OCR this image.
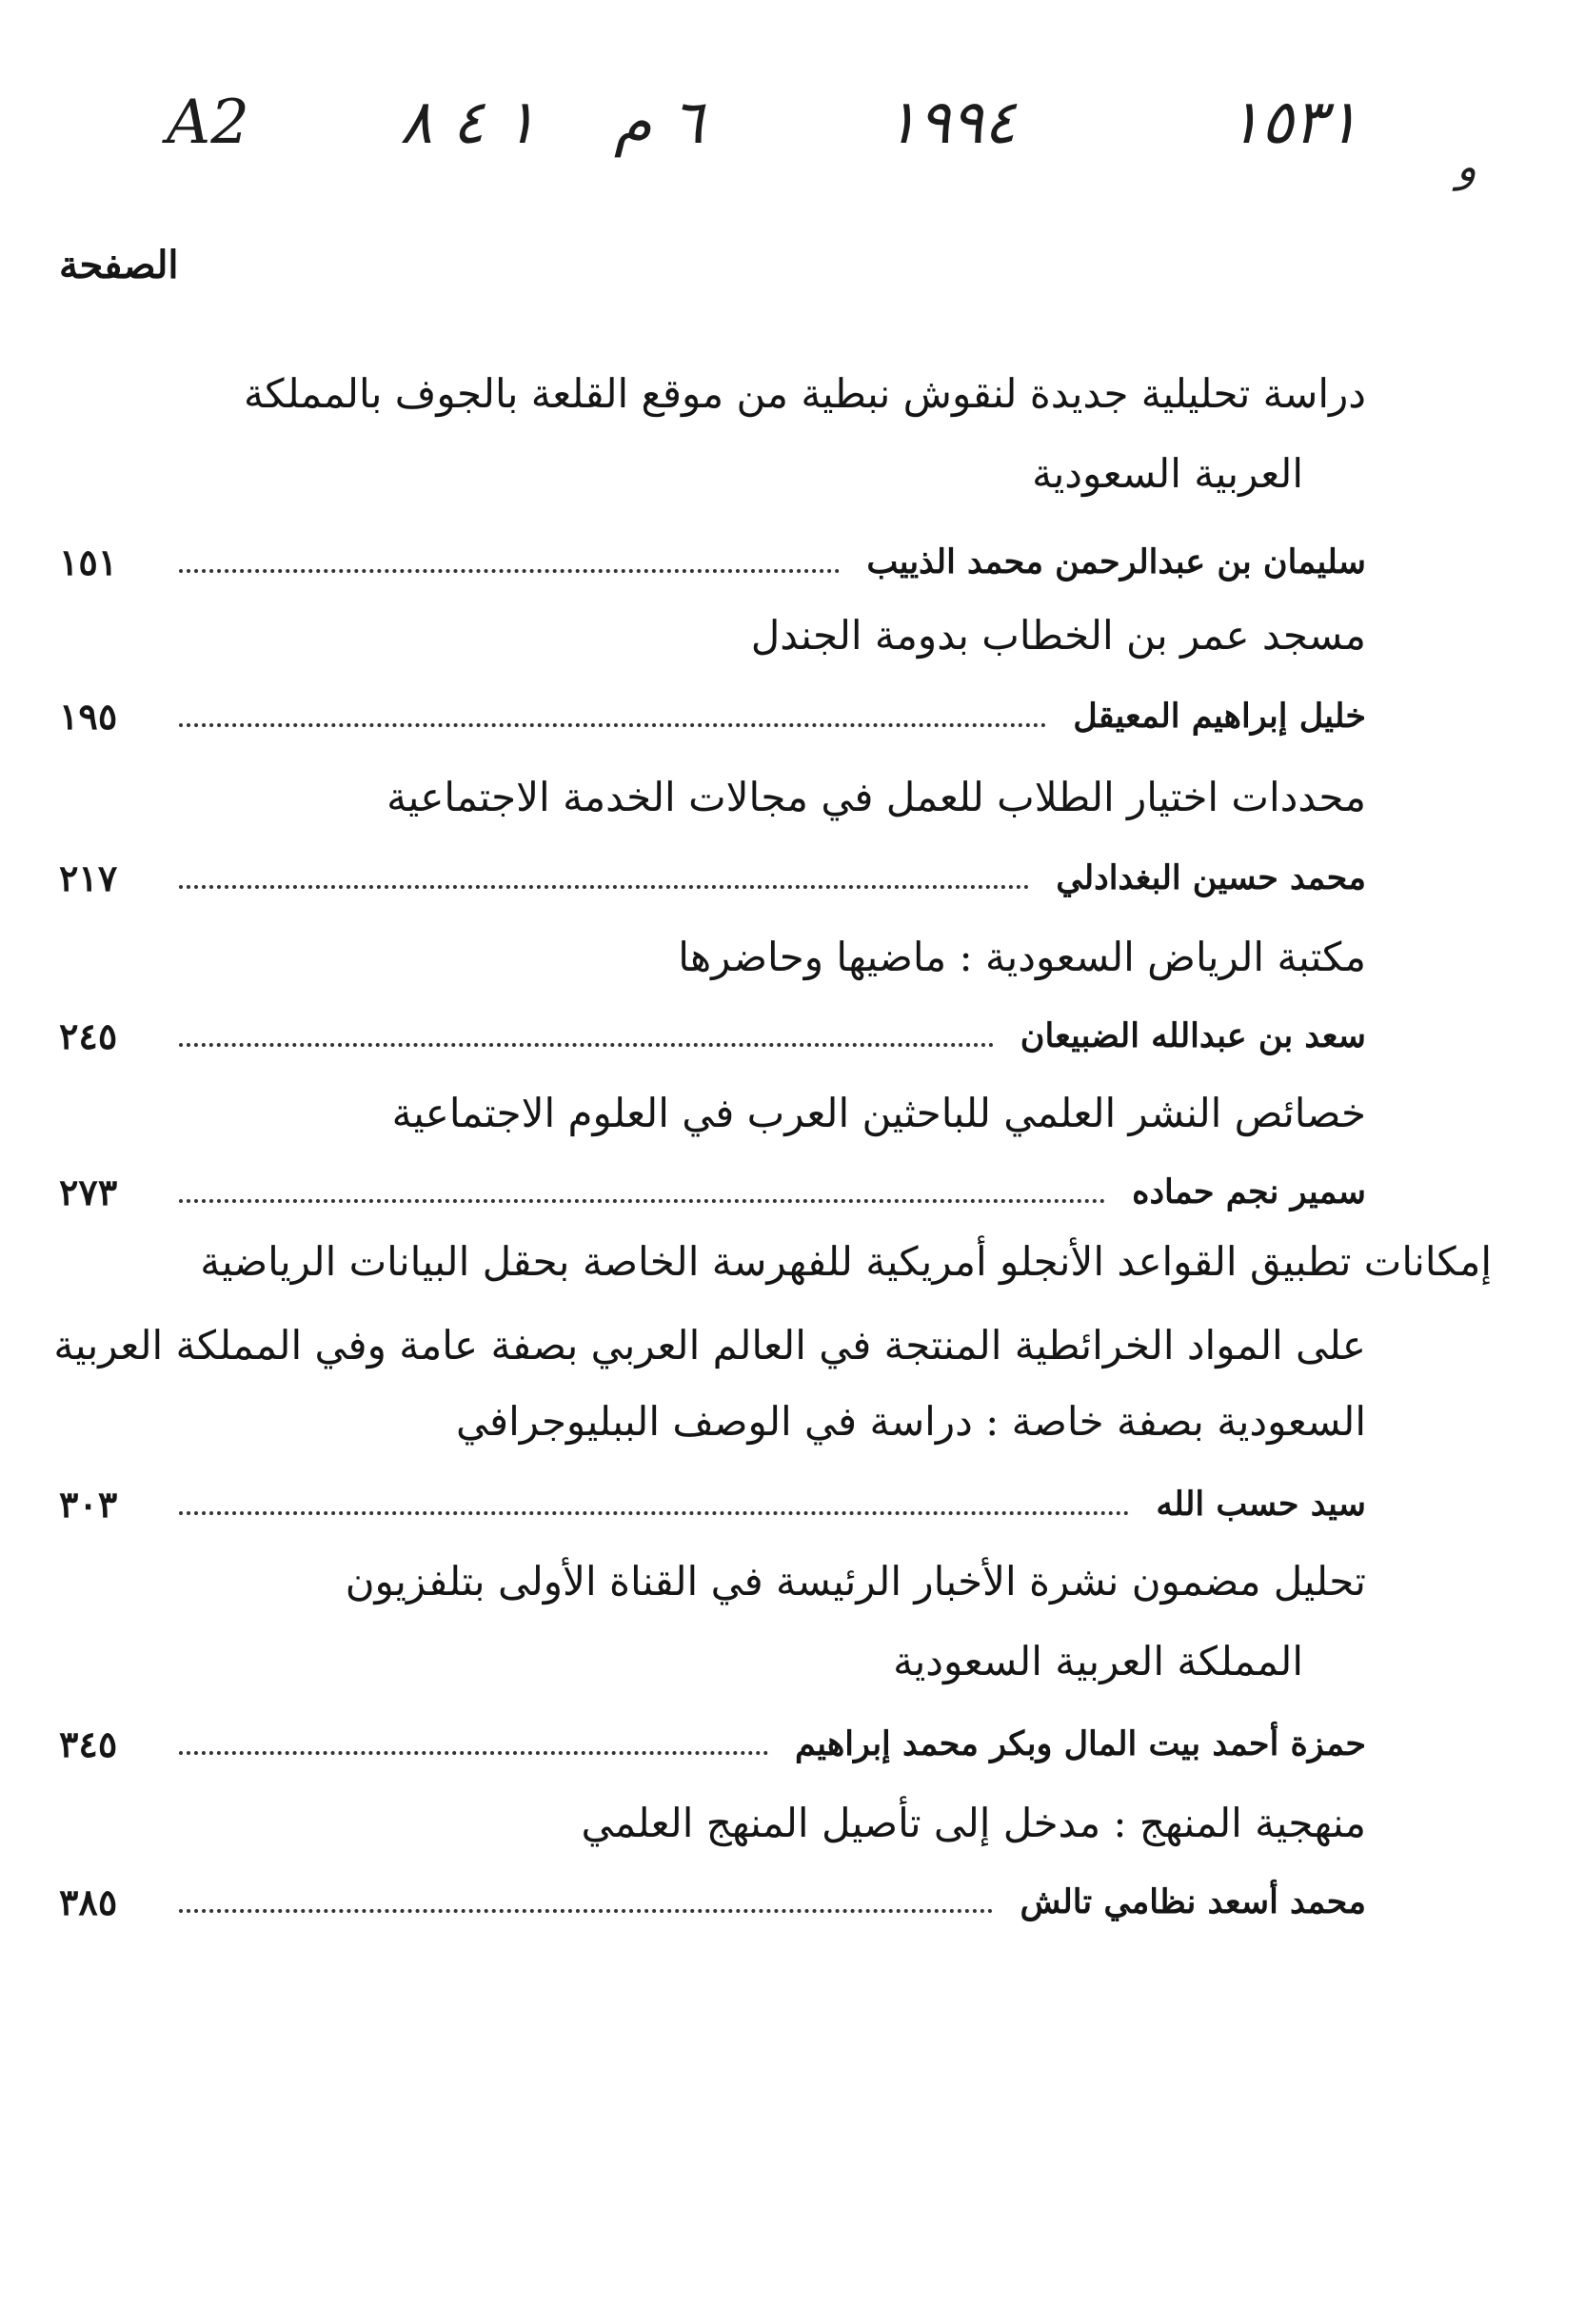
A2 ١ ٤ ٨ ٦ م	١٩٩٤	١٥٣١
و
الصفحة
دراسة تحليلية جديدة لنقوش نبطية من موقع القلعة بالجوف بالمملكة
العربية السعودية
سليمان بن عبدالرحمن محمد الذييب
١٥١
مسجد عمر بن الخطاب بدومة الجندل
خليل إبراهيم المعيقل
١٩٥
محددات اختيار الطلاب للعمل في مجالات الخدمة الاجتماعية
محمد حسين البغدادلي
٢١٧
مكتبة الرياض السعودية : ماضيها وحاضرها
سعد بن عبدالله الضبيعان
٢٤٥
خصائص النشر العلمي للباحثين العرب في العلوم الاجتماعية
سمير نجم حماده
٢٧٣
إمكانات تطبيق القواعد الأنجلو أمريكية للفهرسة الخاصة بحقل البيانات الرياضية
على المواد الخرائطية المنتجة في العالم العربي بصفة عامة وفي المملكة العربية
السعودية بصفة خاصة : دراسة في الوصف الببليوجرافي
سيد حسب الله
٣٠٣
تحليل مضمون نشرة الأخبار الرئيسة في القناة الأولى بتلفزيون
المملكة العربية السعودية
حمزة أحمد بيت المال وبكر محمد إبراهيم
٣٤٥
منهجية المنهج : مدخل إلى تأصيل المنهج العلمي
محمد أسعد نظامي تالش
٣٨٥
